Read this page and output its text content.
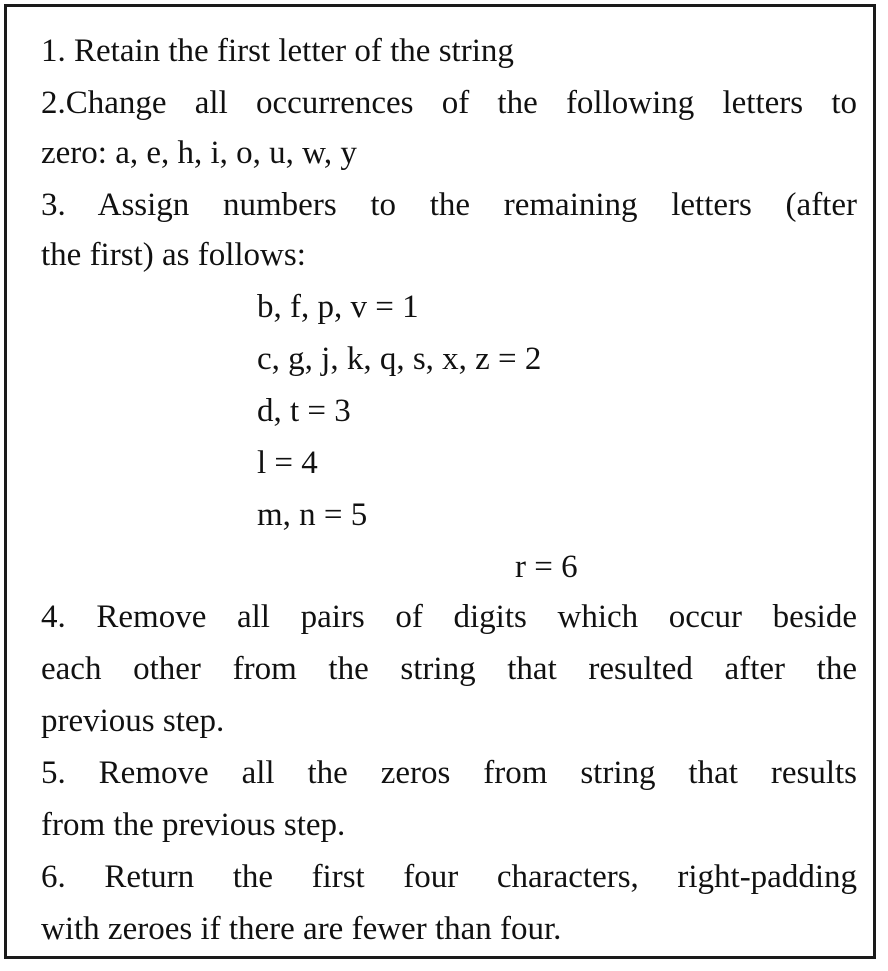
1. Retain the first letter of the string
2.Change all occurrences of the following letters to
zero: a, e, h, i, o, u, w, y
3. Assign numbers to the remaining letters (after
the first) as follows:
b, f, p, v = 1
c, g, j, k, q, s, x, z = 2
d, t = 3
l = 4
m, n = 5
r = 6
4. Remove all pairs of digits which occur beside
each other from the string that resulted after the
previous step.
5. Remove all the zeros from string that results
from the previous step.
6. Return the first four characters, right-padding
with zeroes if there are fewer than four.
